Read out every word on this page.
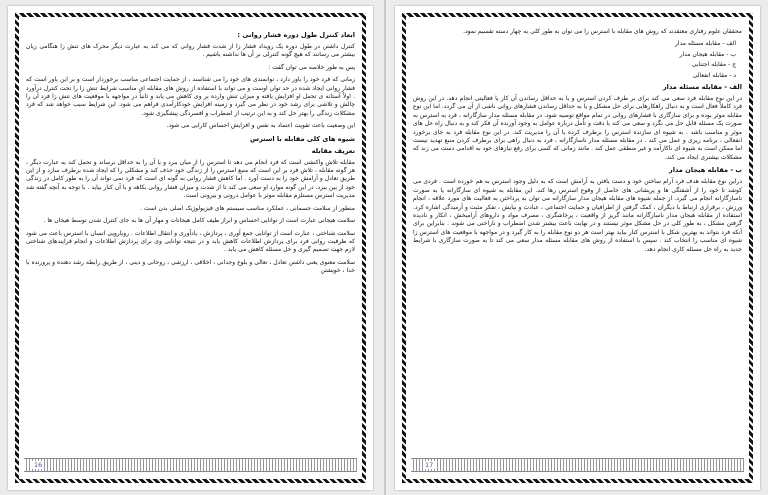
ابعاد کنترل طول دوره فشار روانی :

کنترل داشتن در طول دوره یک رویداد فشار زا از شدت فشار روانی که می کند به عبارت دیگر محرک های تنش زا هنگامی زیان بیشتر می رسانند که هیچ گونه کنترلی بر آن ها نداشته باشیم .

پس به طور خلاصه می توان گفت :

زمانی که فرد خود را باور دارد ، توانمندی های خود را می شناسند ، از حمایت اجتماعی مناسب برخوردار است و بر این باور است که فشار روانی ایجاد شده در حد توان اوست و می تواند با استفاده از روش های مقابله ای مناسب شرایط تنش زا را تحت کنترل درآورد . اولاً آستانه ی تحمل او افزایش یافته و میزان تنش وارده بر وی کاهش می یابد و ثانیاً در مواجهه با موقعیت های تنش زا فرد آن را چالش و تلاشی برای رشد خود در نظر می گیرد و زمینه افزایش خودکارآمدی فراهم می شود. این شرایط سبب خواهد شد که فرد مشکلات زندگی را بهتر حل کند و به این ترتیب از اضطراب و افسردگی پیشگیری شود.

این وضعیت باعث تقویت اعتماد به نفس و افزایش احساس کارایی می شود.

شیوه های کلی مقابله با استرس
تعریف مقابله

مقابله تلاش واکنشی است که فرد انجام می دهد تا استرس را از میان ببرد و یا آن را به حداقل برساند و تحمل کند به عبارت دیگر ، هر گونه مقابله ، تلاش فرد بر این است که منبع استرس را از زندگی خود حذف کند و مشکلی را که ایجاد شده برطرف سازد و از این طریق تعادل و آرامش خود را به دست آورد . اما کاهش فشار روانی به گونه ای است که فرد نمی تواند آن را به طور کامل در زندگی خود از بین ببرد. در این گونه موارد او سعی می کند تا از شدت و میزان فشار روانی بکاهد و با آن کنار بیاید . با توجه به آنچه گفته شد مدیریت استرس مستلزم مقابله موثر با عوامل درونی و بیرونی است.

منظور از سلامت جسمانی ، عملکرد مناسب سیستم های فیزیولوژیک اصلی بدن است .

سلامت هیجانی عبارت است از توانایی احساس و ابراز طیف کامل هیجانات و مهار آن ها به جای کنترل شدن توسط هیجان ها .

سلامت شناختی ، عبارت است از توانایی جمع آوری ، پردازش ، یادآوری و انتقال اطلاعات . رویارویی انسان با استرس باعث می شود که ظرفیت روانی فرد برای پردازش اطلاعات کاهش یابد و در نتیجه توانایی وی برای پردازش اطلاعات و انجام فرایندهای شناختی لازم جهت تصمیم گیری و حل مسئله کاهش می یابد .

سلامت معنوی یعنی داشتن تعادل ، تعالی و بلوغ وجدانی ، اخلاقی ، ارزشی ، روحانی و دینی ، از طریق رابطه رشد دهنده و پرورنده با خدا ، خویشتن

16

محققان علوم رفتاری معتقدند که روش های مقابله با استرس را می توان به طور کلی به چهار دسته تقسیم نمود.

الف - مقابله مسئله مدار
ب - مقابله هیجان مدار
ج - مقابله اجتنابی
د - مقابله انفعالی
الف - مقابله مسئله مدار

در این نوع مقابله فرد سعی می کند برای بر طرف کردن استرس و یا به حداقل رساندن آن کار یا فعالیتی انجام دهد. در این روش فرد کاملاً فعال است و به دنبال راهکارهایی برای حل مشکل و یا به حداقل رساندن فشارهای روانی ناشی از آن می گردد. اما این نوع مقابله موثر بوده و برای سازگاری با فشارهای روانی در تمام مواقع توصیه شود. در مقابله مسئله مدار سازگارانه ، فرد به استرس به صورت یک مسئله قابل حل می نگرد و سعی می کند با دقت و تأمل درباره عوامل به وجود آورنده آن فکر کند و به دنبال راه حل های موثر و مناسب باشد . به شیوه ای سازنده استرس را برطرف کرده یا آن را مدیریت کند. در این نوع مقابله فرد به جای برخورد انفعالی ، برنامه ریزی و عمل می کند . در مقابله مسئله مدار ناسازگارانه ، فرد به دنبال راهی برای برطرف کردن منبع تهدید نیست اما ممکن است به شیوه ای ناکارآمد و غیر منطقی عمل کند . مانند زمانی که کسی برای رفع نیازهای خود به اقدامی دست می زند که مشکلات بیشتری ایجاد می کند.

ب - مقابله هیجان مدار

دراین نوع مقابله هدف فرد آرام ساختن خود و دست یافتن به آرامش است که به دلیل وجود استرس به هم خورده است . فردی می کوشد تا خود را از آشفتگی ها و پریشانی های حاصل از وقوع استرس رها کند. این مقابله به شیوه ای سازگارانه یا به صورت ناسازگارانه انجام می گیرد. از جمله شیوه های مقابله هیجان مدار سازگارانه می توان به پرداختن به فعالیت های مورد علاقه ، انجام ورزش ، برقراری ارتباط با دیگران ، کمک گرفتن از اطرافیان و حمایت اجتماعی ، عبادت و نیایش ، تفکر مثبت و آرمیدگی اشاره کرد. استفاده از مقابله هیجان مدار ناسازگارانه مانند گریز از واقعیت ، پرخاشگری ، مصرف مواد و داروهای آرامبخش ، انکار و نادیده گرفتن مشکل ، به طور کلی در حل مشکل موثر نیستند و در نهایت باعث بیشتر شدن اضطراب و ناراحتی می شوند . بنابراین برای آنکه فرد بتواند به بهترین شکل با استرس کنار بیاید بهتر است هر دو نوع مقابله را به کار گیرد و در مواجهه با موقعیت های استرس زا شیوه ای مناسب را انتخاب کند . سپس با استفاده از روش های مقابله مسئله مدار سعی می کند تا به صورت سازگاری با شرایط جدید به راه حل مسئله کاری انجام دهد.

17
